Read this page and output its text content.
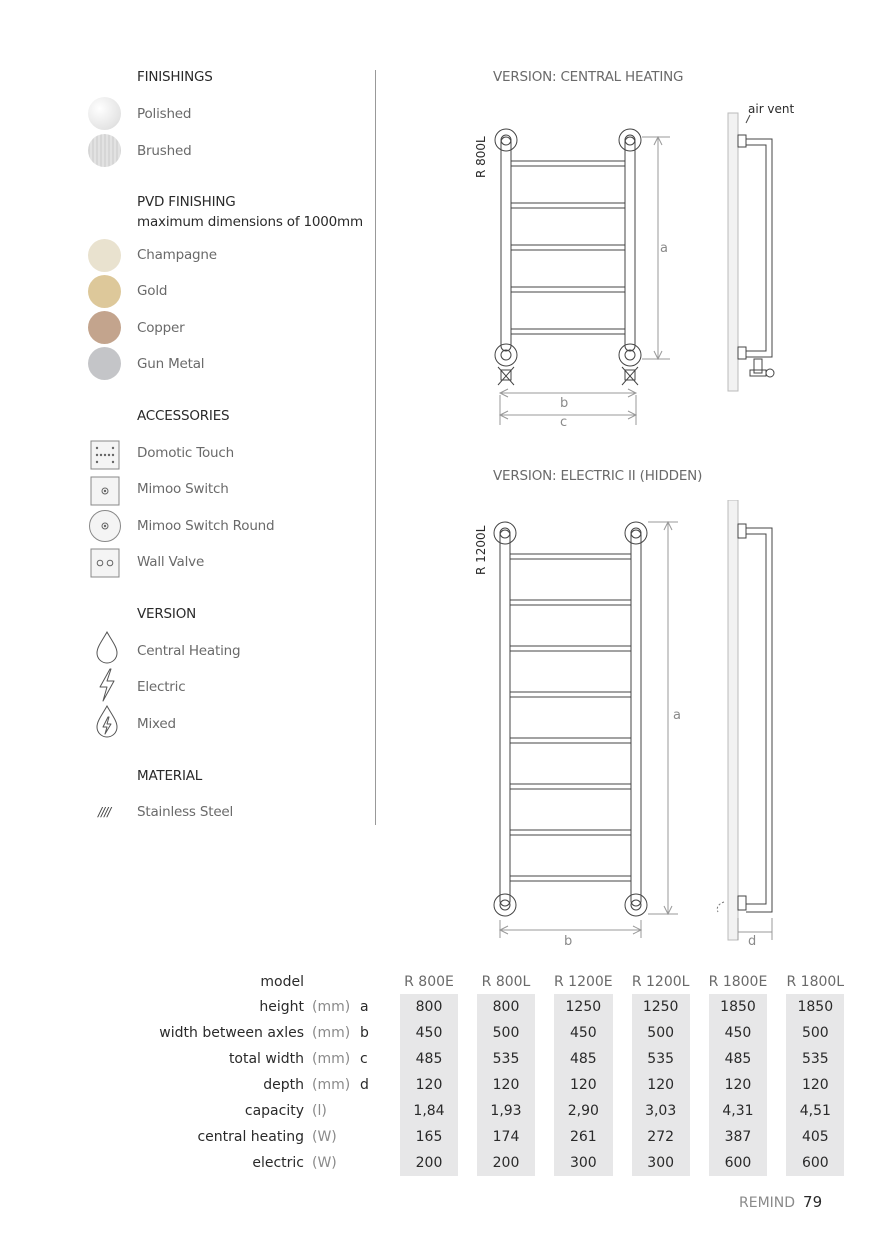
FINISHINGS
Polished
Brushed
PVD FINISHING
maximum dimensions of 1000mm
Champagne
Gold
Copper
Gun Metal
ACCESSORIES
Domotic Touch
Mimoo Switch
Mimoo Switch Round
Wall Valve
VERSION
Central Heating
Electric
Mixed
MATERIAL
//// Stainless Steel
VERSION: CENTRAL HEATING
R 800L
a
b
c
air vent
VERSION: ELECTRIC II (HIDDEN)
R 1200L
a
b	d
model			R 800E		R 800L		R 1200E		R 1200L		R 1800E		R 1800L
height	(mm)	a	800		800		1250		1250		1850		1850
width between axles	(mm)	b	450		500		450		500		450		500
total width	(mm)	c	485		535		485		535		485		535
depth	(mm)	d	120		120		120		120		120		120
capacity	(l)		1,84		1,93		2,90		3,03		4,31		4,51
central heating	(W)		165		174		261		272		387		405
electric	(W)		200		200		300		300		600		600
REMIND 79
